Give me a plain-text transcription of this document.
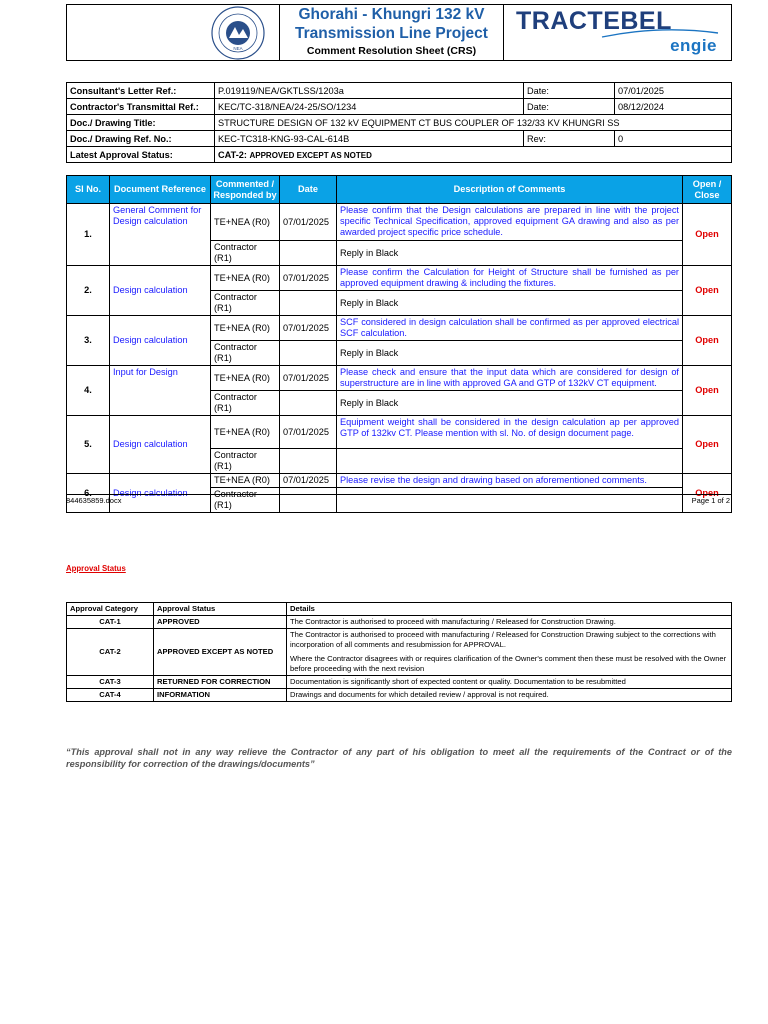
NEA
Ghorahi - Khungri 132 kV
Transmission Line Project
Comment Resolution Sheet (CRS)
TRACTEBEL
engie
Consultant's Letter Ref.:	P.019119/NEA/GKTLSS/1203a	Date:	07/01/2025
Contractor's Transmittal Ref.:	KEC/TC-318/NEA/24-25/SO/1234	Date:	08/12/2024
Doc./ Drawing Title:	STRUCTURE DESIGN OF 132 kV EQUIPMENT CT BUS COUPLER OF 132/33 KV KHUNGRI SS		
Doc./ Drawing Ref. No.:	KEC-TC318-KNG-93-CAL-614B	Rev:	0
Latest Approval Status:	CAT-2: APPROVED EXCEPT AS NOTED		
Sl No.	Document Reference	Commented / Responded by	Date	Description of Comments	Open / Close
1.	General Comment for Design calculation	TE+NEA (R0)	07/01/2025	Please confirm that the Design calculations are prepared in line with the project specific Technical Specification, approved equipment GA drawing and also as per awarded project specific price schedule.	Open
		Contractor (R1)		Reply in Black	
2.	Design calculation	TE+NEA (R0)	07/01/2025	Please confirm the Calculation for Height of Structure shall be furnished as per approved equipment drawing & including the fixtures.	Open
		Contractor (R1)		Reply in Black	
3.	Design calculation	TE+NEA (R0)	07/01/2025	SCF considered in design calculation shall be confirmed as per approved electrical SCF calculation.	Open
		Contractor (R1)		Reply in Black	
4.	Input for Design	TE+NEA (R0)	07/01/2025	Please check and ensure that the input data which are considered for design of superstructure are in line with approved GA and GTP of 132kV CT equipment.	Open
		Contractor (R1)		Reply in Black	
5.	Design calculation	TE+NEA (R0)	07/01/2025	Equipment weight shall be considered in the design calculation ap per approved GTP of 132kv CT. Please mention with sl. No. of design document page.	Open
		Contractor (R1)			
6.	Design calculation	TE+NEA (R0)	07/01/2025	Please revise the design and drawing based on aforementioned comments.	Open
		Contractor (R1)			
844635859.docx	Page 1 of 2
Approval Status
Approval Category	Approval Status	Details
CAT-1	APPROVED	The Contractor is authorised to proceed with manufacturing / Released for Construction Drawing.

CAT-2	APPROVED EXCEPT AS NOTED	The Contractor is authorised to proceed with manufacturing / Released for Construction Drawing subject to the corrections with incorporation of all comments and resubmission for APPROVAL.
Where the Contractor disagrees with or requires clarification of the Owner's comment then these must be resolved with the Owner before proceeding with the next revision

CAT-3	RETURNED FOR CORRECTION	Documentation is significantly short of expected content or quality. Documentation to be resubmitted

CAT-4	INFORMATION	Drawings and documents for which detailed review / approval is not required.
“This approval shall not in any way relieve the Contractor of any part of his obligation to meet all the requirements of the Contract or of the responsibility for correction of the drawings/documents”
